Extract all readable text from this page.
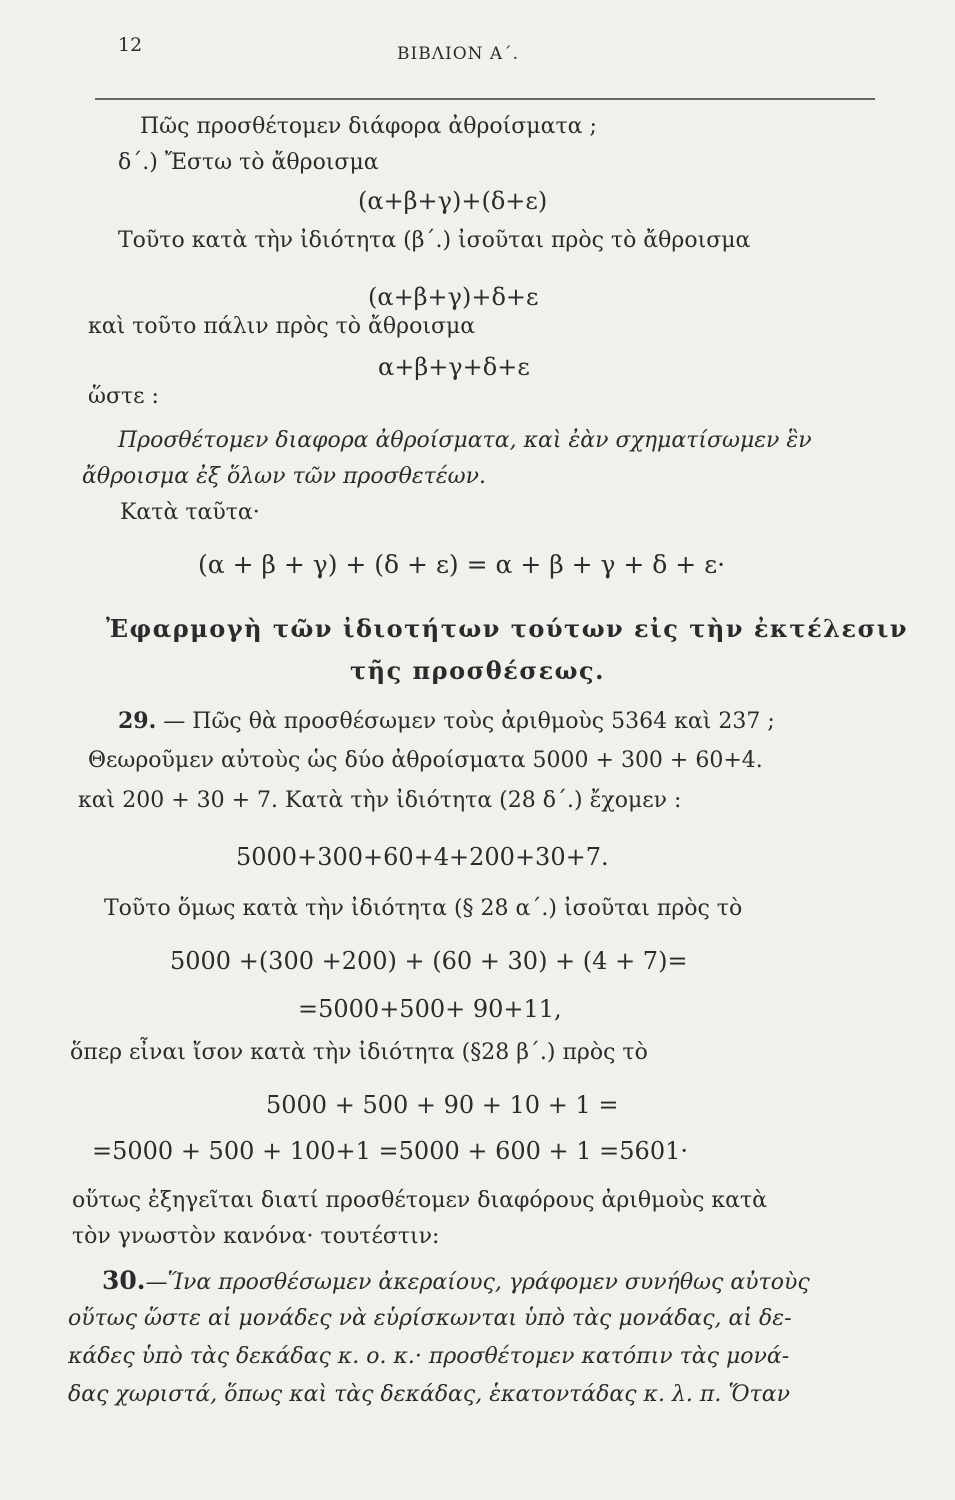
12	ΒΙΒΛΙΟΝ Α΄.
Πῶς προσθέτομεν διάφορα ἀθροίσματα ;
δ΄.) Ἔστω τὸ ἄθροισμα
(α+β+γ)+(δ+ε)
Τοῦτο κατὰ τὴν ἰδιότητα (β΄.) ἰσοῦται πρὸς τὸ ἄθροισμα
(α+β+γ)+δ+ε
καὶ τοῦτο πάλιν πρὸς τὸ ἄθροισμα
α+β+γ+δ+ε
ὥστε :
Προσθέτομεν διαφορα ἀθροίσματα, καὶ ἐὰν σχηματίσωμεν ἓν
ἄθροισμα ἐξ ὅλων τῶν προσθετέων.
Κατὰ ταῦτα·
(α + β + γ) + (δ + ε) = α + β + γ + δ + ε·
Ἐφαρμογὴ τῶν ἰδιοτήτων τούτων εἰς τὴν ἐκτέλεσιν
τῆς προσθέσεως.
29. — Πῶς θὰ προσθέσωμεν τοὺς ἀριθμοὺς 5364 καὶ 237 ;
Θεωροῦμεν αὐτοὺς ὡς δύο ἀθροίσματα 5000 + 300 + 60+4.
καὶ 200 + 30 + 7. Κατὰ τὴν ἰδιότητα (28 δ΄.) ἔχομεν :
5000+300+60+4+200+30+7.
Τοῦτο ὅμως κατὰ τὴν ἰδιότητα (§ 28 α΄.) ἰσοῦται πρὸς τὸ
5000 +(300 +200) + (60 + 30) + (4 + 7)=
=5000+500+ 90+11,
ὅπερ εἶναι ἴσον κατὰ τὴν ἰδιότητα (§28 β΄.) πρὸς τὸ
5000 + 500 + 90 + 10 + 1 =
=5000 + 500 + 100+1 =5000 + 600 + 1 =5601·
οὕτως ἐξηγεῖται διατί προσθέτομεν διαφόρους ἀριθμοὺς κατὰ
τὸν γνωστὸν κανόνα· τουτέστιν:
30.—Ἵνα προσθέσωμεν ἀκεραίους, γράφομεν συνήθως αὐτοὺς
οὕτως ὥστε αἱ μονάδες νὰ εὑρίσκωνται ὑπὸ τὰς μονάδας, αἱ δε-
κάδες ὑπὸ τὰς δεκάδας κ. ο. κ.· προσθέτομεν κατόπιν τὰς μονά-
δας χωριστά, ὅπως καὶ τὰς δεκάδας, ἑκατοντάδας κ. λ. π. Ὅταν
